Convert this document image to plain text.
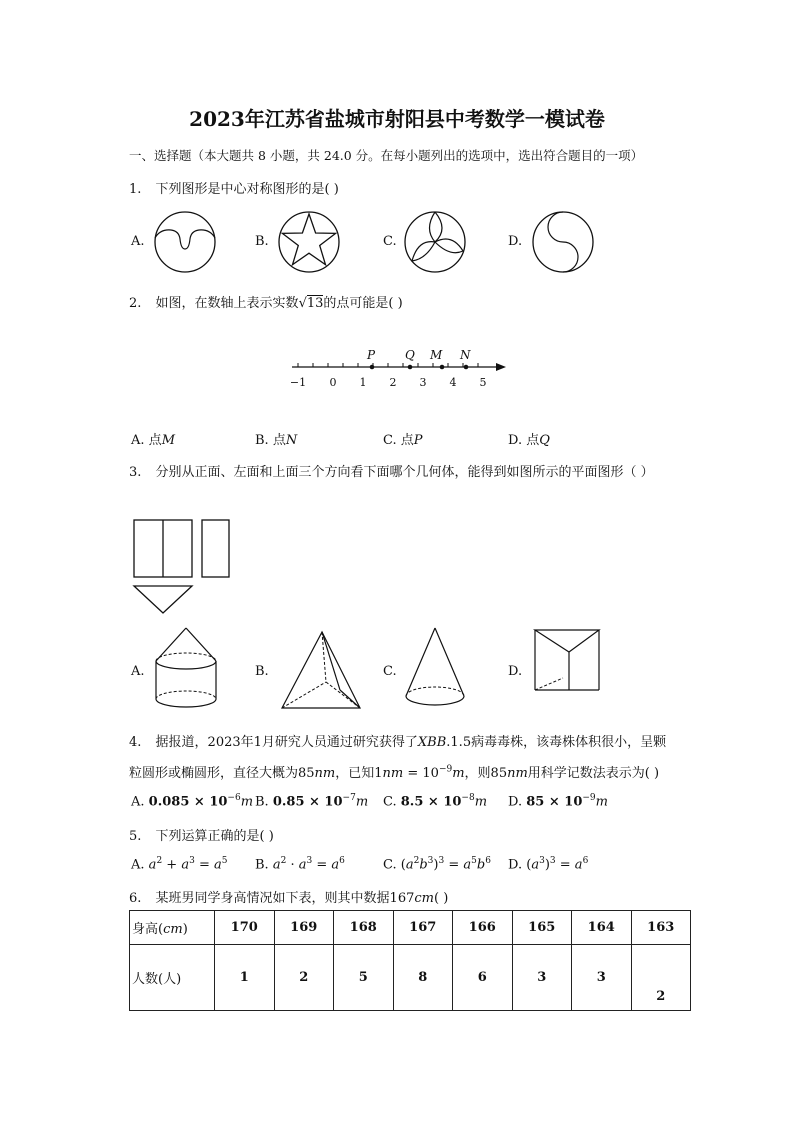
2023年江苏省盐城市射阳县中考数学一模试卷
一、选择题（本大题共 8 小题，共 24.0 分。在每小题列出的选项中，选出符合题目的一项）
1. 下列图形是中心对称图形的是( )
A.	B.	C.	D.
2. 如图，在数轴上表示实数√13的点可能是( )
P Q M N
−1 0 1 2 3 4 5
A. 点M	B. 点N	C. 点P	D. 点Q
3. 分别从正面、左面和上面三个方向看下面哪个几何体，能得到如图所示的平面图形（ ）
A.	B.	C.	D.
4. 据报道，2023年1月研究人员通过研究获得了XBB.1.5病毒毒株，该毒株体积很小，呈颗
粒圆形或椭圆形，直径大概为85nm，已知$1nm = 10^{-9}m$，则85nm用科学记数法表示为( )
A. $0.085 \times 10^{-6}m$ B. $0.85 \times 10^{-7}m$ C. $8.5 \times 10^{-8}m$ D. $85 \times 10^{-9}m$
5. 下列运算正确的是( )
A. $a^2 + a^3 = a^5$ B. $a^2 \cdot a^3 = a^6$	C. $(a^2b^3)^3 = a^5b^6$ D. $(a^3)^3 = a^6$
6. 某班男同学身高情况如下表，则其中数据167cm( )
身高(cm)	170	169	168	167	166	165	164	163
人数(人)	1	2	5	8	6	3	3	2
